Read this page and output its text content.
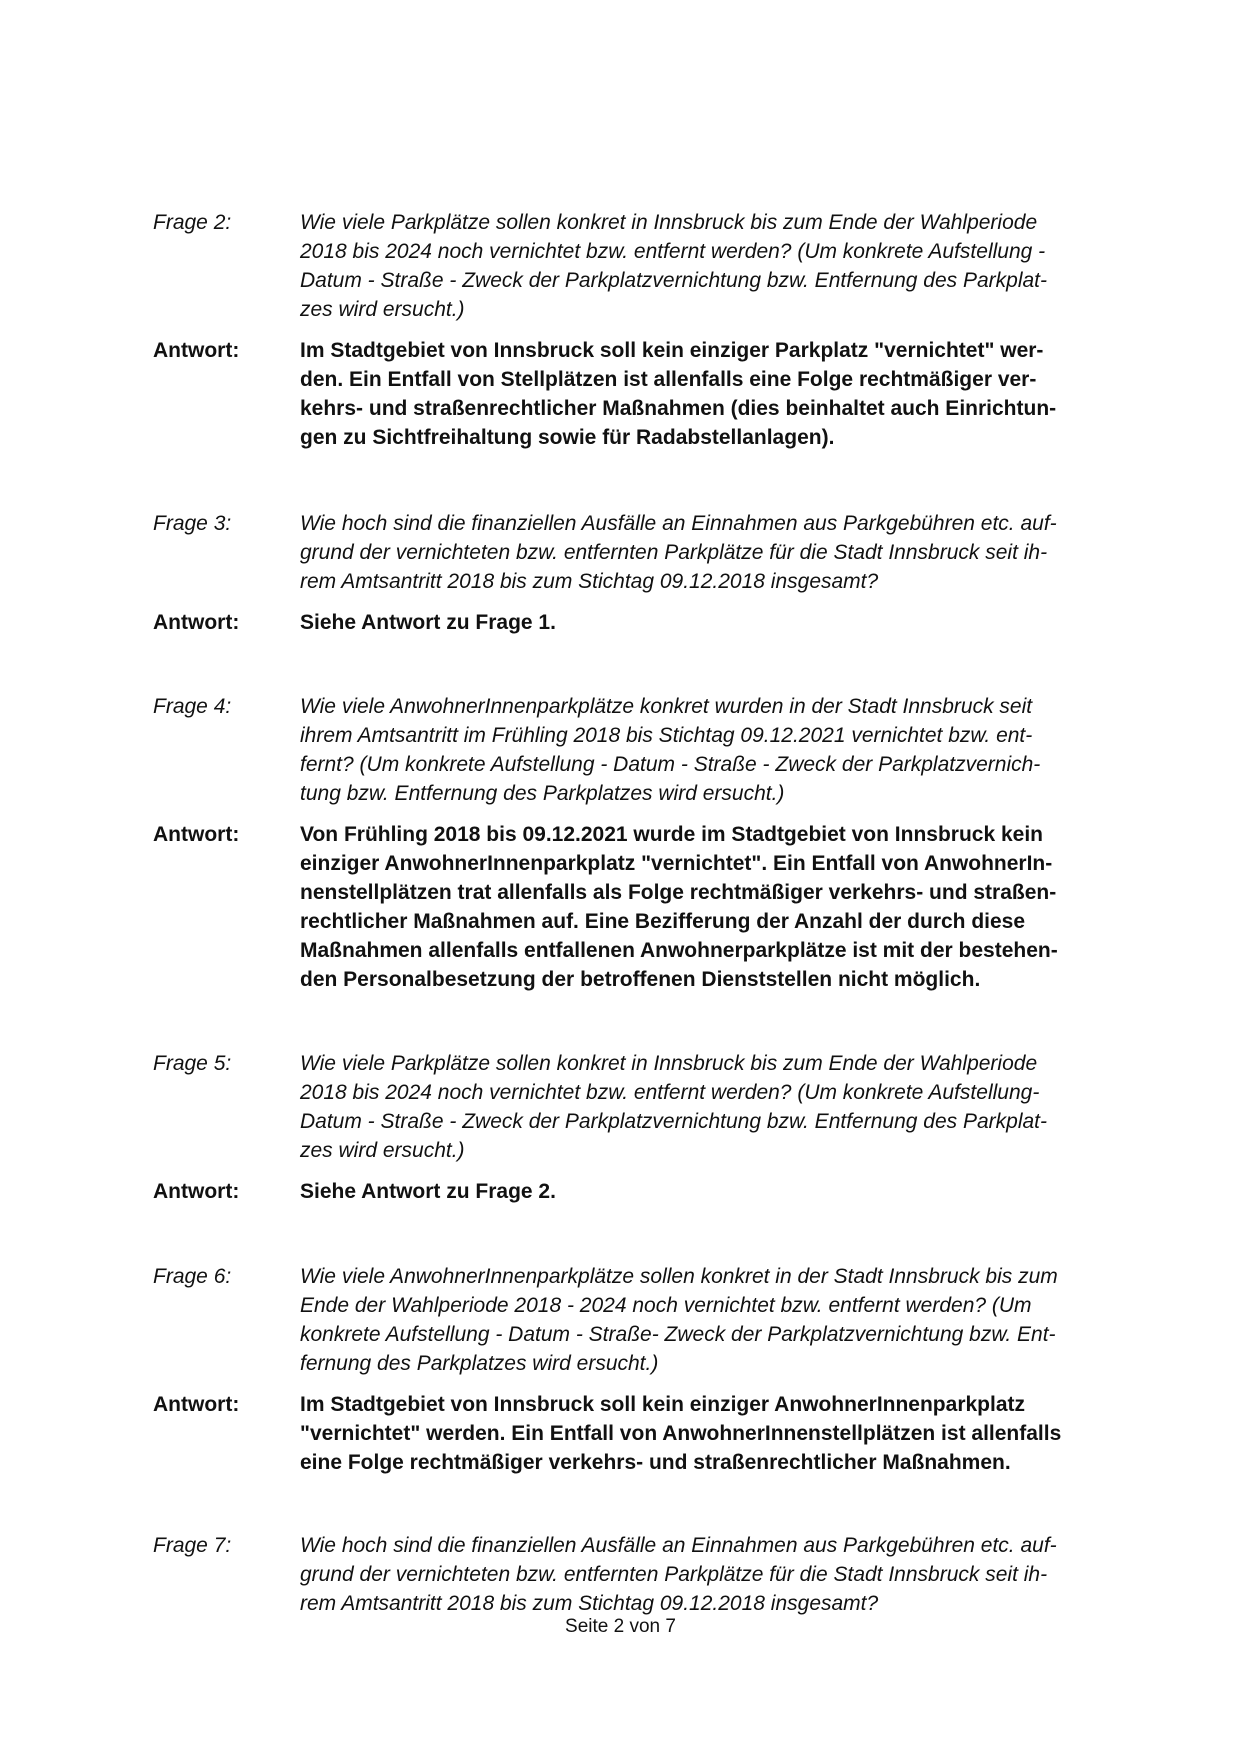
Frage 2:	Wie viele Parkplätze sollen konkret in Innsbruck bis zum Ende der Wahlperiode
2018 bis 2024 noch vernichtet bzw. entfernt werden? (Um konkrete Aufstellung -
Datum - Straße - Zweck der Parkplatzvernichtung bzw. Entfernung des Parkplat-
zes wird ersucht.)
Antwort:	Im Stadtgebiet von Innsbruck soll kein einziger Parkplatz "vernichtet" wer-
den. Ein Entfall von Stellplätzen ist allenfalls eine Folge rechtmäßiger ver-
kehrs- und straßenrechtlicher Maßnahmen (dies beinhaltet auch Einrichtun-
gen zu Sichtfreihaltung sowie für Radabstellanlagen).
Frage 3:	Wie hoch sind die finanziellen Ausfälle an Einnahmen aus Parkgebühren etc. auf-
grund der vernichteten bzw. entfernten Parkplätze für die Stadt Innsbruck seit ih-
rem Amtsantritt 2018 bis zum Stichtag 09.12.2018 insgesamt?
Antwort:	Siehe Antwort zu Frage 1.
Frage 4:	Wie viele AnwohnerInnenparkplätze konkret wurden in der Stadt Innsbruck seit
ihrem Amtsantritt im Frühling 2018 bis Stichtag 09.12.2021 vernichtet bzw. ent-
fernt? (Um konkrete Aufstellung - Datum - Straße - Zweck der Parkplatzvernich-
tung bzw. Entfernung des Parkplatzes wird ersucht.)
Antwort:	Von Frühling 2018 bis 09.12.2021 wurde im Stadtgebiet von Innsbruck kein
einziger AnwohnerInnenparkplatz "vernichtet". Ein Entfall von AnwohnerIn-
nenstellplätzen trat allenfalls als Folge rechtmäßiger verkehrs- und straßen-
rechtlicher Maßnahmen auf. Eine Bezifferung der Anzahl der durch diese
Maßnahmen allenfalls entfallenen Anwohnerparkplätze ist mit der bestehen-
den Personalbesetzung der betroffenen Dienststellen nicht möglich.
Frage 5:	Wie viele Parkplätze sollen konkret in Innsbruck bis zum Ende der Wahlperiode
2018 bis 2024 noch vernichtet bzw. entfernt werden? (Um konkrete Aufstellung-
Datum - Straße - Zweck der Parkplatzvernichtung bzw. Entfernung des Parkplat-
zes wird ersucht.)
Antwort:	Siehe Antwort zu Frage 2.
Frage 6:	Wie viele AnwohnerInnenparkplätze sollen konkret in der Stadt Innsbruck bis zum
Ende der Wahlperiode 2018 - 2024 noch vernichtet bzw. entfernt werden? (Um
konkrete Aufstellung - Datum - Straße- Zweck der Parkplatzvernichtung bzw. Ent-
fernung des Parkplatzes wird ersucht.)
Antwort:	Im Stadtgebiet von Innsbruck soll kein einziger AnwohnerInnenparkplatz
"vernichtet" werden. Ein Entfall von AnwohnerInnenstellplätzen ist allenfalls
eine Folge rechtmäßiger verkehrs- und straßenrechtlicher Maßnahmen.
Frage 7:	Wie hoch sind die finanziellen Ausfälle an Einnahmen aus Parkgebühren etc. auf-
grund der vernichteten bzw. entfernten Parkplätze für die Stadt Innsbruck seit ih-
rem Amtsantritt 2018 bis zum Stichtag 09.12.2018 insgesamt?
Seite 2 von 7
